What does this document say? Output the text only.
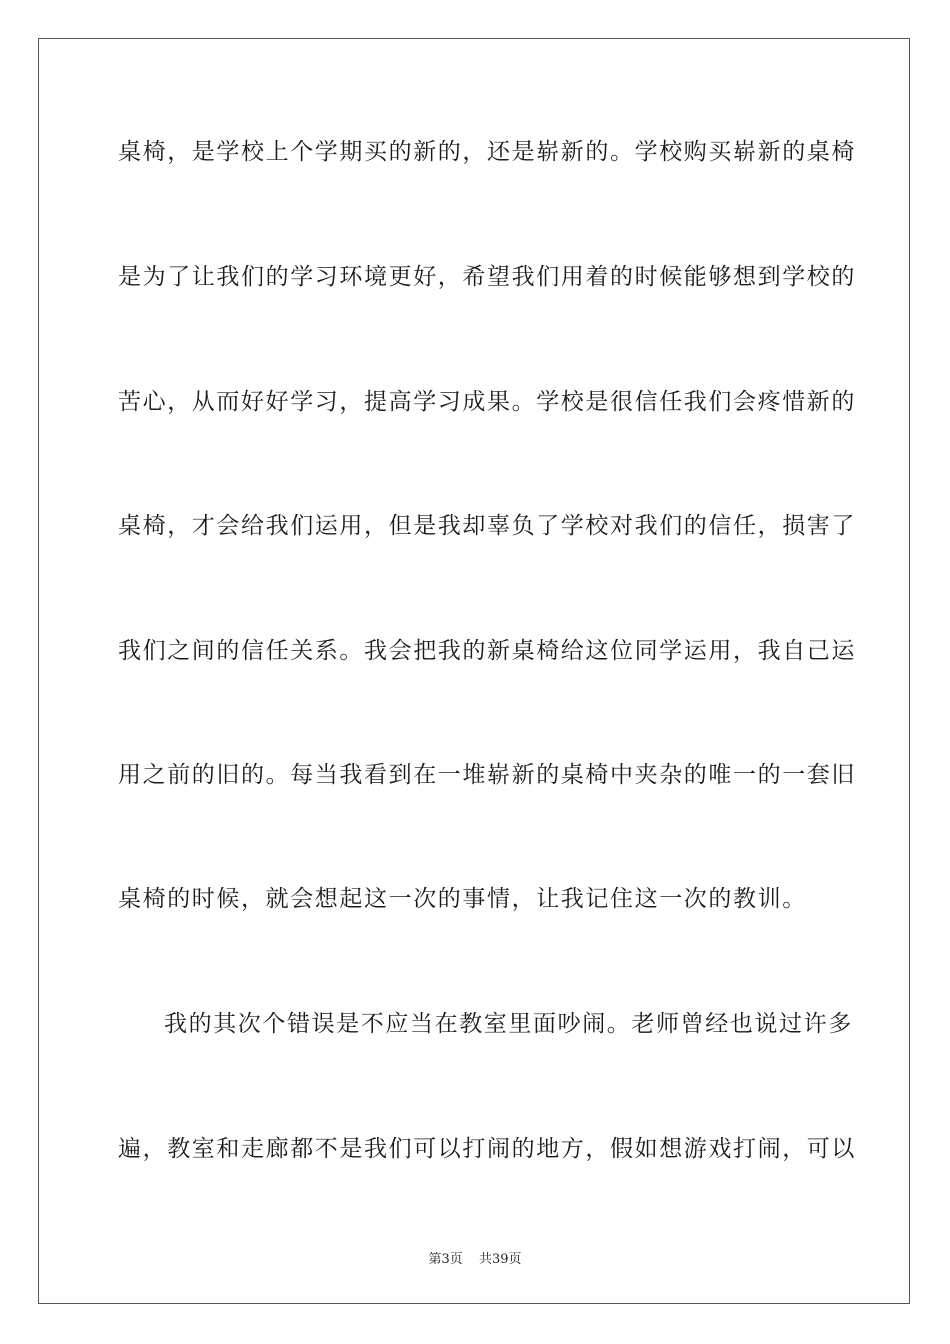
桌椅，是学校上个学期买的新的，还是崭新的。学校购买崭新的桌椅
是为了让我们的学习环境更好，希望我们用着的时候能够想到学校的
苦心，从而好好学习，提高学习成果。学校是很信任我们会疼惜新的
桌椅，才会给我们运用，但是我却辜负了学校对我们的信任，损害了
我们之间的信任关系。我会把我的新桌椅给这位同学运用，我自己运
用之前的旧的。每当我看到在一堆崭新的桌椅中夹杂的唯一的一套旧
桌椅的时候，就会想起这一次的事情，让我记住这一次的教训。
我的其次个错误是不应当在教室里面吵闹。老师曾经也说过许多
遍，教室和走廊都不是我们可以打闹的地方，假如想游戏打闹，可以
第3页 共39页
